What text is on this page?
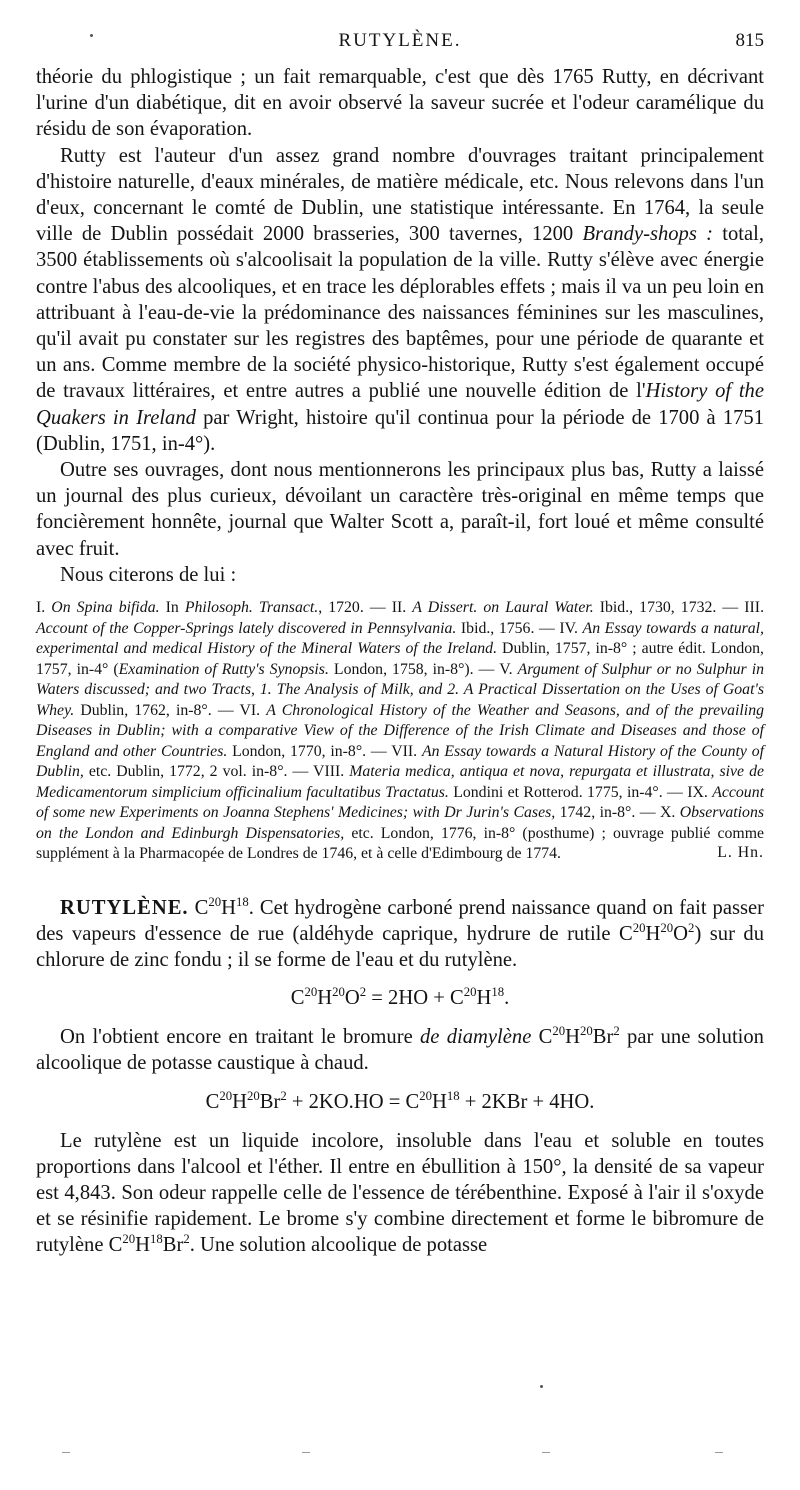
RUTYLÈNE.	815

théorie du phlogistique ; un fait remarquable, c'est que dès 1765 Rutty, en décrivant l'urine d'un diabétique, dit en avoir observé la saveur sucrée et l'odeur caramélique du résidu de son évaporation.

Rutty est l'auteur d'un assez grand nombre d'ouvrages traitant principalement d'histoire naturelle, d'eaux minérales, de matière médicale, etc. Nous relevons dans l'un d'eux, concernant le comté de Dublin, une statistique intéressante. En 1764, la seule ville de Dublin possédait 2000 brasseries, 300 tavernes, 1200 Brandy-shops : total, 3500 établissements où s'alcoolisait la population de la ville. Rutty s'élève avec énergie contre l'abus des alcooliques, et en trace les déplorables effets ; mais il va un peu loin en attribuant à l'eau-de-vie la prédominance des naissances féminines sur les masculines, qu'il avait pu constater sur les registres des baptêmes, pour une période de quarante et un ans. Comme membre de la société physico-historique, Rutty s'est également occupé de travaux littéraires, et entre autres a publié une nouvelle édition de l'History of the Quakers in Ireland par Wright, histoire qu'il continua pour la période de 1700 à 1751 (Dublin, 1751, in-4°).

Outre ses ouvrages, dont nous mentionnerons les principaux plus bas, Rutty a laissé un journal des plus curieux, dévoilant un caractère très-original en même temps que foncièrement honnête, journal que Walter Scott a, paraît-il, fort loué et même consulté avec fruit.

Nous citerons de lui :

I. On Spina bifida. In Philosoph. Transact., 1720. — II. A Dissert. on Laural Water. Ibid., 1730, 1732. — III. Account of the Copper-Springs lately discovered in Pennsylvania. Ibid., 1756. — IV. An Essay towards a natural, experimental and medical History of the Mineral Waters of the Ireland. Dublin, 1757, in-8° ; autre édit. London, 1757, in-4° (Examination of Rutty's Synopsis. London, 1758, in-8°). — V. Argument of Sulphur or no Sulphur in Waters discussed; and two Tracts, 1. The Analysis of Milk, and 2. A Practical Dissertation on the Uses of Goat's Whey. Dublin, 1762, in-8°. — VI. A Chronological History of the Weather and Seasons, and of the prevailing Diseases in Dublin; with a comparative View of the Difference of the Irish Climate and Diseases and those of England and other Countries. London, 1770, in-8°. — VII. An Essay towards a Natural History of the County of Dublin, etc. Dublin, 1772, 2 vol. in-8°. — VIII. Materia medica, antiqua et nova, repurgata et illustrata, sive de Medicamentorum simplicium officinalium facultatibus Tractatus. Londini et Rotterod. 1775, in-4°. — IX. Account of some new Experiments on Joanna Stephens' Medicines; with Dr Jurin's Cases, 1742, in-8°. — X. Observations on the London and Edinburgh Dispensatories, etc. London, 1776, in-8° (posthume) ; ouvrage publié comme supplément à la Pharmacopée de Londres de 1746, et à celle d'Edimbourg de 1774.	L. Hn.

RUTYLÈNE. $C^{20}H^{18}$. Cet hydrogène carboné prend naissance quand on fait passer des vapeurs d'essence de rue (aldéhyde caprique, hydrure de rutile $C^{20}H^{20}O^2$) sur du chlorure de zinc fondu ; il se forme de l'eau et du rutylène.

$C^{20}H^{20}O^2 = 2HO + C^{20}H^{18}$.

On l'obtient encore en traitant le bromure de diamylène $C^{20}H^{20}Br^2$ par une solution alcoolique de potasse caustique à chaud.

$C^{20}H^{20}Br^2 + 2KO.HO = C^{20}H^{18} + 2KBr + 4HO$.

Le rutylène est un liquide incolore, insoluble dans l'eau et soluble en toutes proportions dans l'alcool et l'éther. Il entre en ébullition à 150°, la densité de sa vapeur est 4,843. Son odeur rappelle celle de l'essence de térébenthine. Exposé à l'air il s'oxyde et se résinifie rapidement. Le brome s'y combine directement et forme le bibromure de rutylène $C^{20}H^{18}Br^2$. Une solution alcoolique de potasse
